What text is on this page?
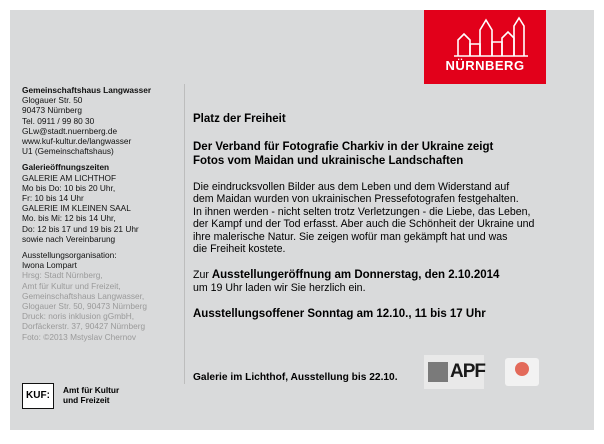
NÜRNBERG
Gemeinschaftshaus Langwasser
Glogauer Str. 50
90473 Nürnberg
Tel. 0911 / 99 80 30
GLw@stadt.nuernberg.de
www.kuf-kultur.de/langwasser
U1 (Gemeinschaftshaus)
Galerieöffnungszeiten
GALERIE AM LICHTHOF
Mo bis Do: 10 bis 20 Uhr,
Fr: 10 bis 14 Uhr
GALERIE IM KLEINEN SAAL
Mo. bis Mi: 12 bis 14 Uhr,
Do: 12 bis 17 und 19 bis 21 Uhr
sowie nach Vereinbarung
Ausstellungsorganisation:
Iwona Lompart
Hrsg: Stadt Nürnberg,
Amt für Kultur und Freizeit,
Gemeinschaftshaus Langwasser,
Glogauer Str. 50, 90473 Nürnberg
Druck: noris inklusion gGmbH,
Dorfäckerstr. 37, 90427 Nürnberg
Foto: ©2013 Mstyslav Chernov
Platz der Freiheit
Der Verband für Fotografie Charkiv in der Ukraine zeigt
Fotos vom Maidan und ukrainische Landschaften
Die eindrucksvollen Bilder aus dem Leben und dem Widerstand auf
dem Maidan wurden von ukrainischen Pressefotografen festgehalten.
In ihnen werden - nicht selten trotz Verletzungen - die Liebe, das Leben,
der Kampf und der Tod erfasst. Aber auch die Schönheit der Ukraine und
ihre malerische Natur. Sie zeigen wofür man gekämpft hat und was
die Freiheit kostete.
Zur Ausstellungeröffnung am Donnerstag, den 2.10.2014
um 19 Uhr laden wir Sie herzlich ein.
Ausstellungsoffener Sonntag am 12.10., 11 bis 17 Uhr
Galerie im Lichthof, Ausstellung bis 22.10.
KUF:	Amt für Kultur
und Freizeit
APF
